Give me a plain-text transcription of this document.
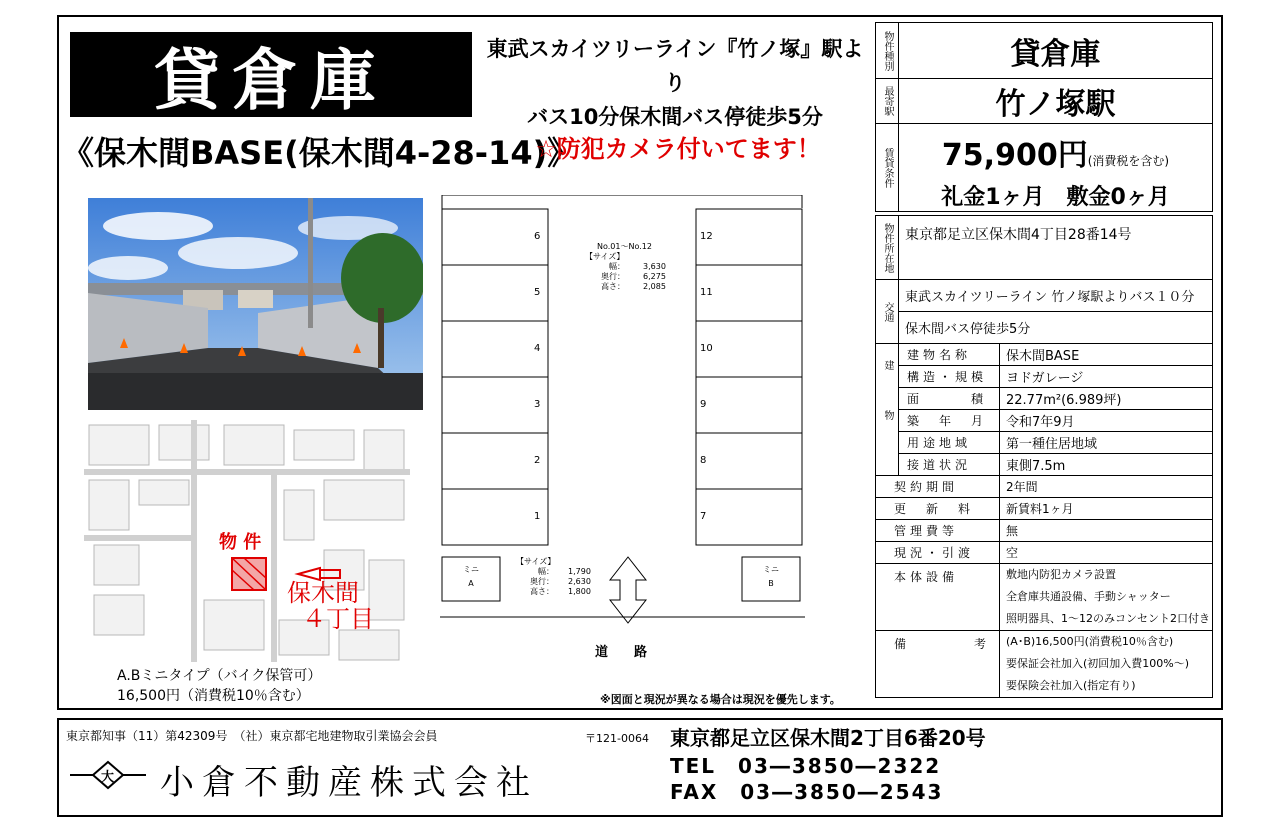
貸倉庫
《保木間BASE(保木間4-28-14)》
東武スカイツリーライン『竹ノ塚』駅より
バス10分保木間バス停徒歩5分
☆防犯カメラ付いてます！
物 件
保木間
４丁目
A.Bミニタイプ（バイク保管可）
16,500円（消費税10％含む）
6
5
4
3
2
1
12
11
10
9
8
7
No.01～No.12
【サイズ】
幅： 3,630
奥行： 6,275
高さ： 2,085
ミニ
A
ミニ
B
【サイズ】
幅： 1,790
奥行： 2,630
高さ： 1,800
道　　路
※図面と現況が異なる場合は現況を優先します。
物件種別	貸倉庫

最寄駅	竹ノ塚駅

賃貸条件	75,900円(消費税を含む)
礼金1ヶ月　敷金0ヶ月
物件所在地	東京都足立区保木間4丁目28番14号	
交通	東武スカイツリーライン 竹ノ塚駅よりバス１０分	
	保木間バス停徒歩5分	
建物	建物名称	保木間BASE
	構造・規模	ヨドガレージ
	面　　　積	22.77m²(6.989坪)
	築　年　月	令和7年9月
	用途地域	第一種住居地域
	接道状況	東側7.5m
契約期間		2年間
更　新　料		新賃料1ヶ月
管理費等		無
現況・引渡		空
本体設備		敷地内防犯カメラ設置
全倉庫共通設備、手動シャッター
照明器具、1～12のみコンセント2口付き

備　　　　考		(A･B)16,500円(消費税10％含む)
要保証会社加入(初回加入費100%～)
要保険会社加入(指定有り)
東京都知事（11）第42309号　（社）東京都宅地建物取引業協会会員
大 小倉不動産株式会社
〒121-0064 東京都足立区保木間2丁目6番20号
TEL　03―3850―2322
FAX　03―3850―2543
